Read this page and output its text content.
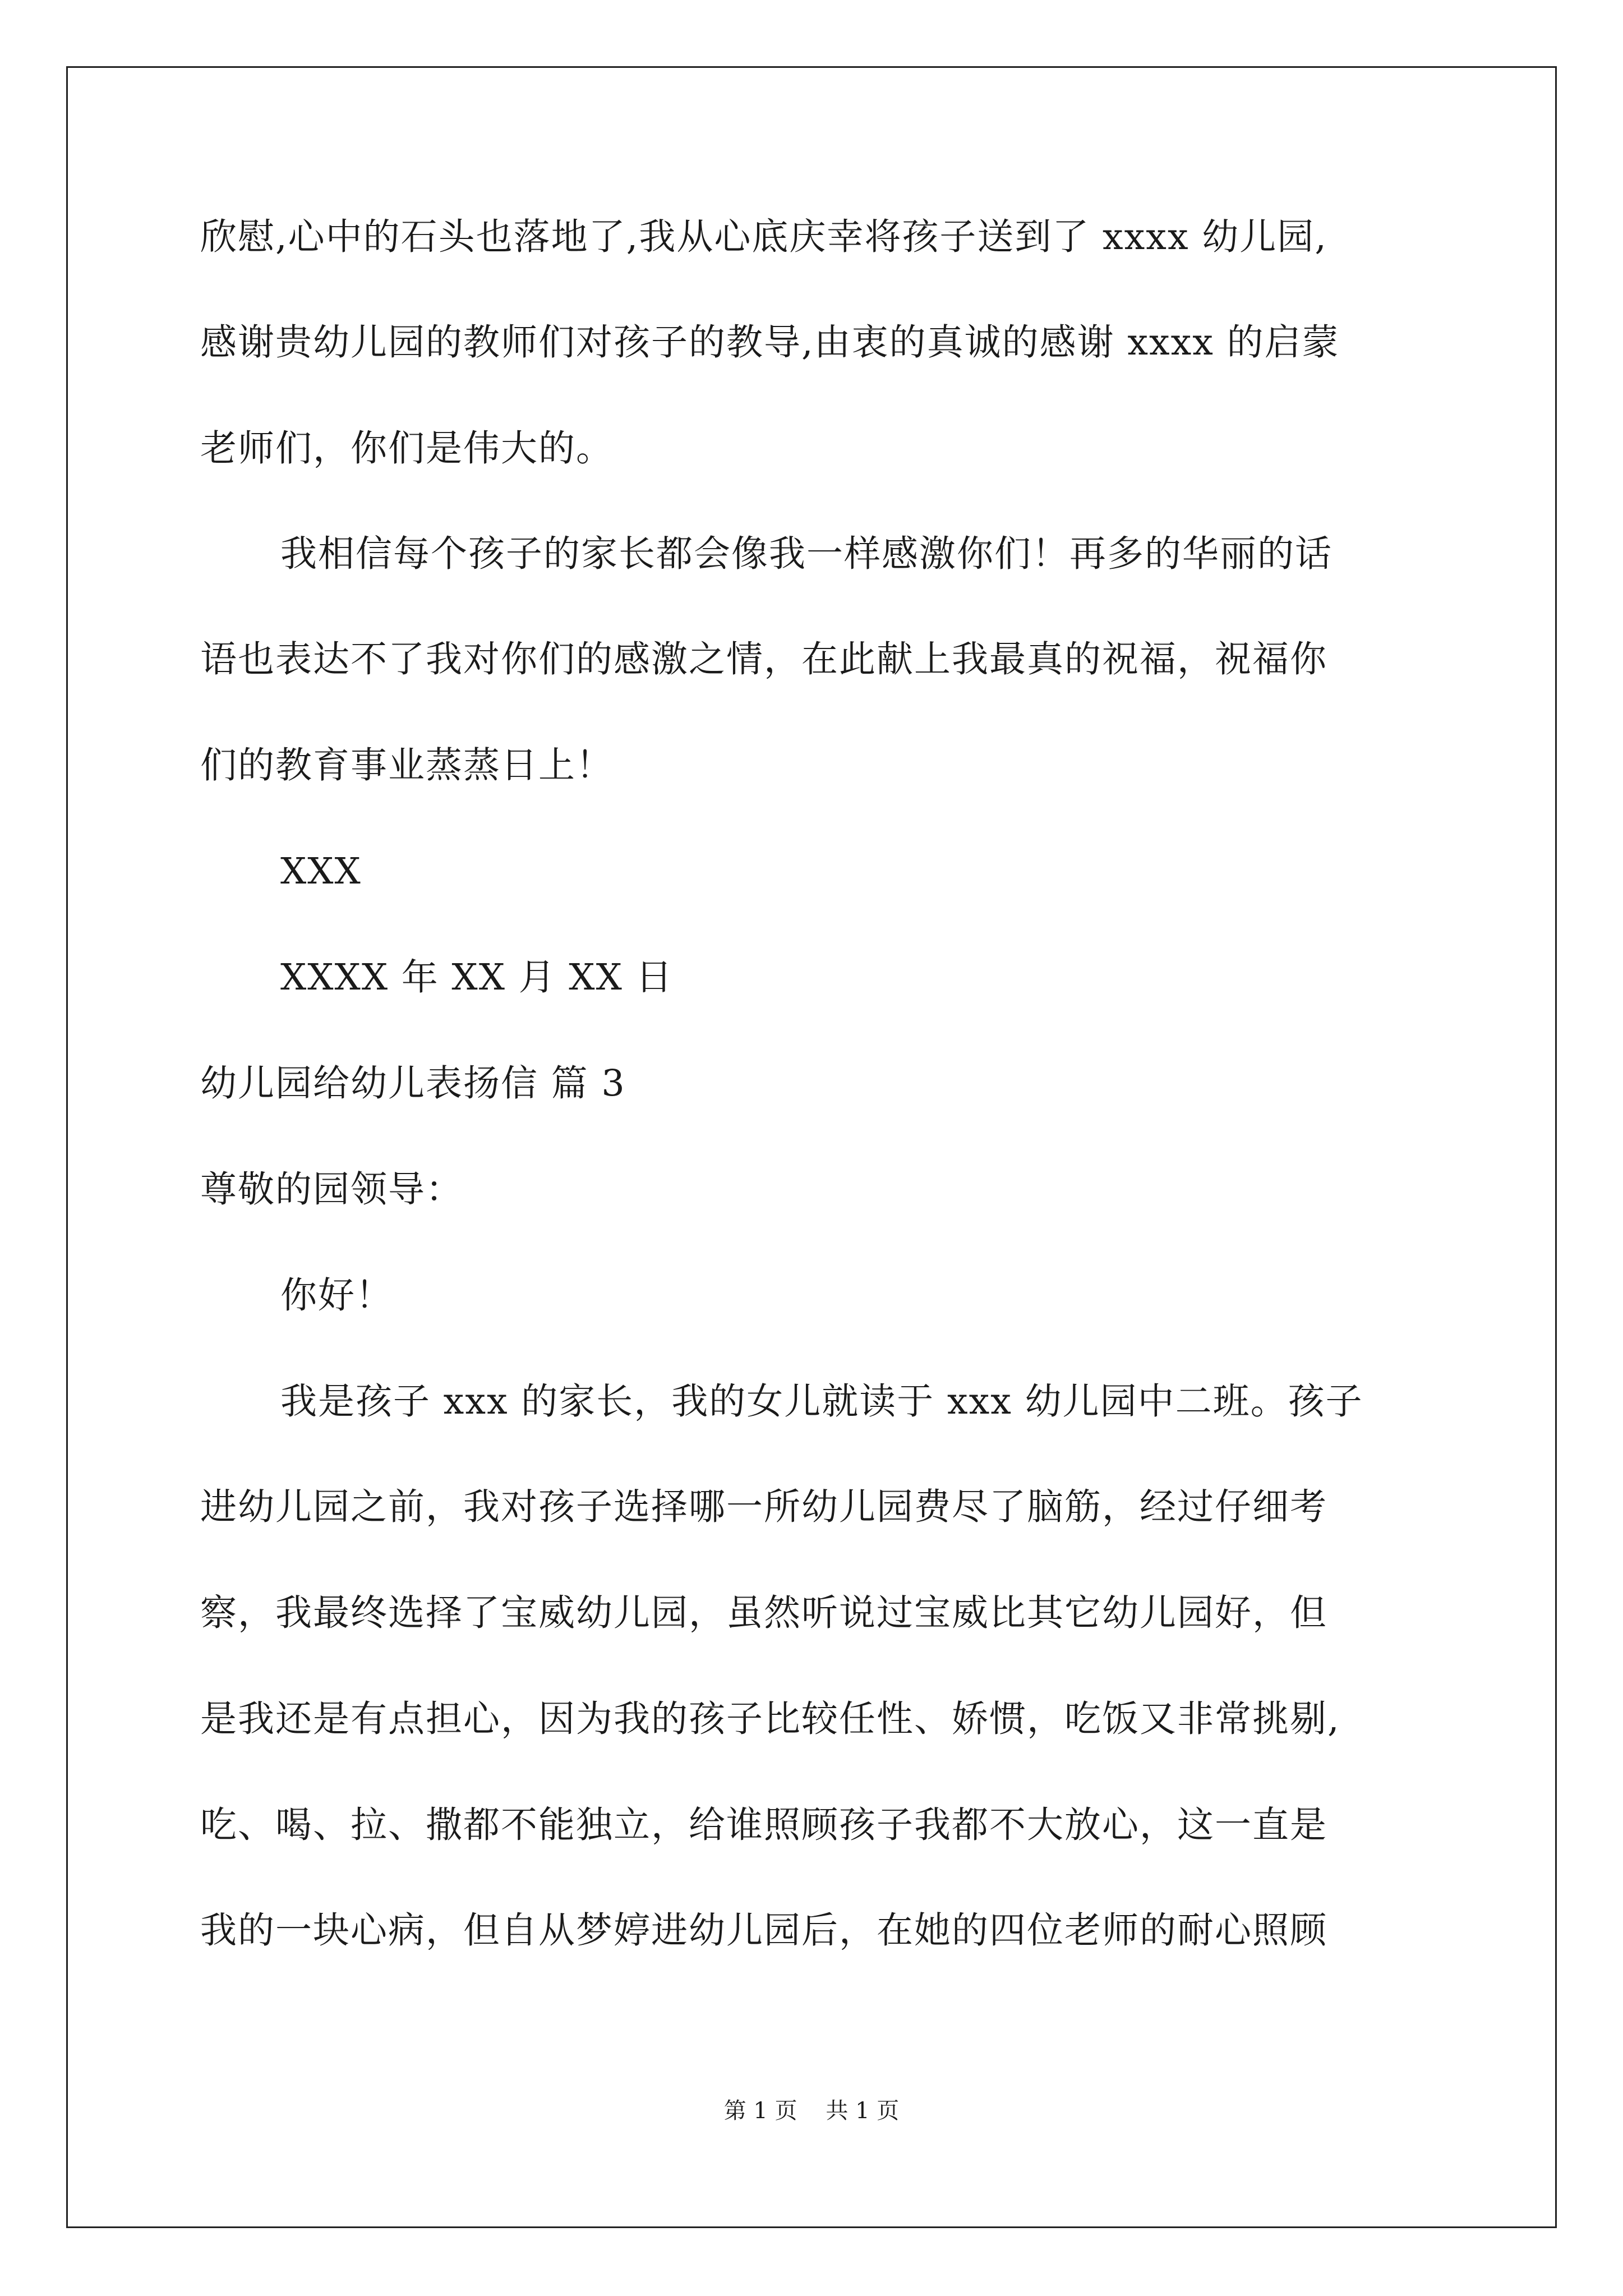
欣慰,心中的石头也落地了,我从心底庆幸将孩子送到了 xxxx 幼儿园,
感谢贵幼儿园的教师们对孩子的教导,由衷的真诚的感谢 xxxx 的启蒙
老师们，你们是伟大的。
我相信每个孩子的家长都会像我一样感激你们！再多的华丽的话
语也表达不了我对你们的感激之情，在此献上我最真的祝福，祝福你
们的教育事业蒸蒸日上！
XXX
XXXX 年 XX 月 XX 日
幼儿园给幼儿表扬信 篇 3
尊敬的园领导：
你好！
我是孩子 xxx 的家长，我的女儿就读于 xxx 幼儿园中二班。孩子
进幼儿园之前，我对孩子选择哪一所幼儿园费尽了脑筋，经过仔细考
察，我最终选择了宝威幼儿园，虽然听说过宝威比其它幼儿园好，但
是我还是有点担心，因为我的孩子比较任性、娇惯，吃饭又非常挑剔,
吃、喝、拉、撒都不能独立，给谁照顾孩子我都不大放心，这一直是
我的一块心病，但自从梦婷进幼儿园后，在她的四位老师的耐心照顾
第 1 页    共 1 页
